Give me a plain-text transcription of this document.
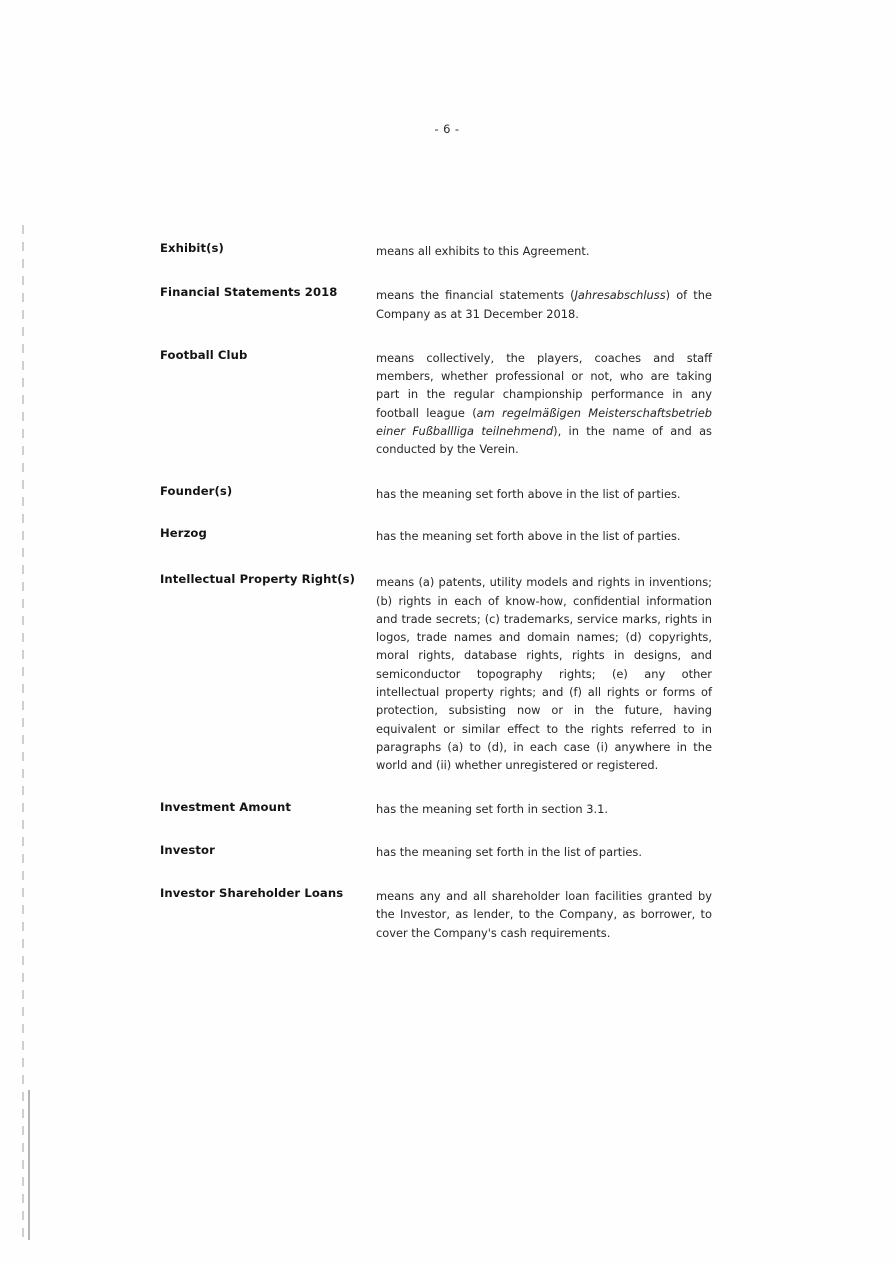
- 6 -
Exhibit(s)	means all exhibits to this Agreement.
Financial Statements 2018	means the financial statements (Jahresabschluss) of the Company as at 31 December 2018.
Football Club	means collectively, the players, coaches and staff members, whether professional or not, who are taking part in the regular championship performance in any football league (am regelmäßigen Meisterschaftsbetrieb einer Fußballliga teilnehmend), in the name of and as conducted by the Verein.
Founder(s)	has the meaning set forth above in the list of parties.
Herzog	has the meaning set forth above in the list of parties.
Intellectual Property Right(s)	means (a) patents, utility models and rights in inventions; (b) rights in each of know-how, confidential information and trade secrets; (c) trademarks, service marks, rights in logos, trade names and domain names; (d) copyrights, moral rights, database rights, rights in designs, and semiconductor topography rights; (e) any other intellectual property rights; and (f) all rights or forms of protection, subsisting now or in the future, having equivalent or similar effect to the rights referred to in paragraphs (a) to (d), in each case (i) anywhere in the world and (ii) whether unregistered or registered.
Investment Amount	has the meaning set forth in section 3.1.
Investor	has the meaning set forth in the list of parties.
Investor Shareholder Loans	means any and all shareholder loan facilities granted by the Investor, as lender, to the Company, as borrower, to cover the Company's cash requirements.
